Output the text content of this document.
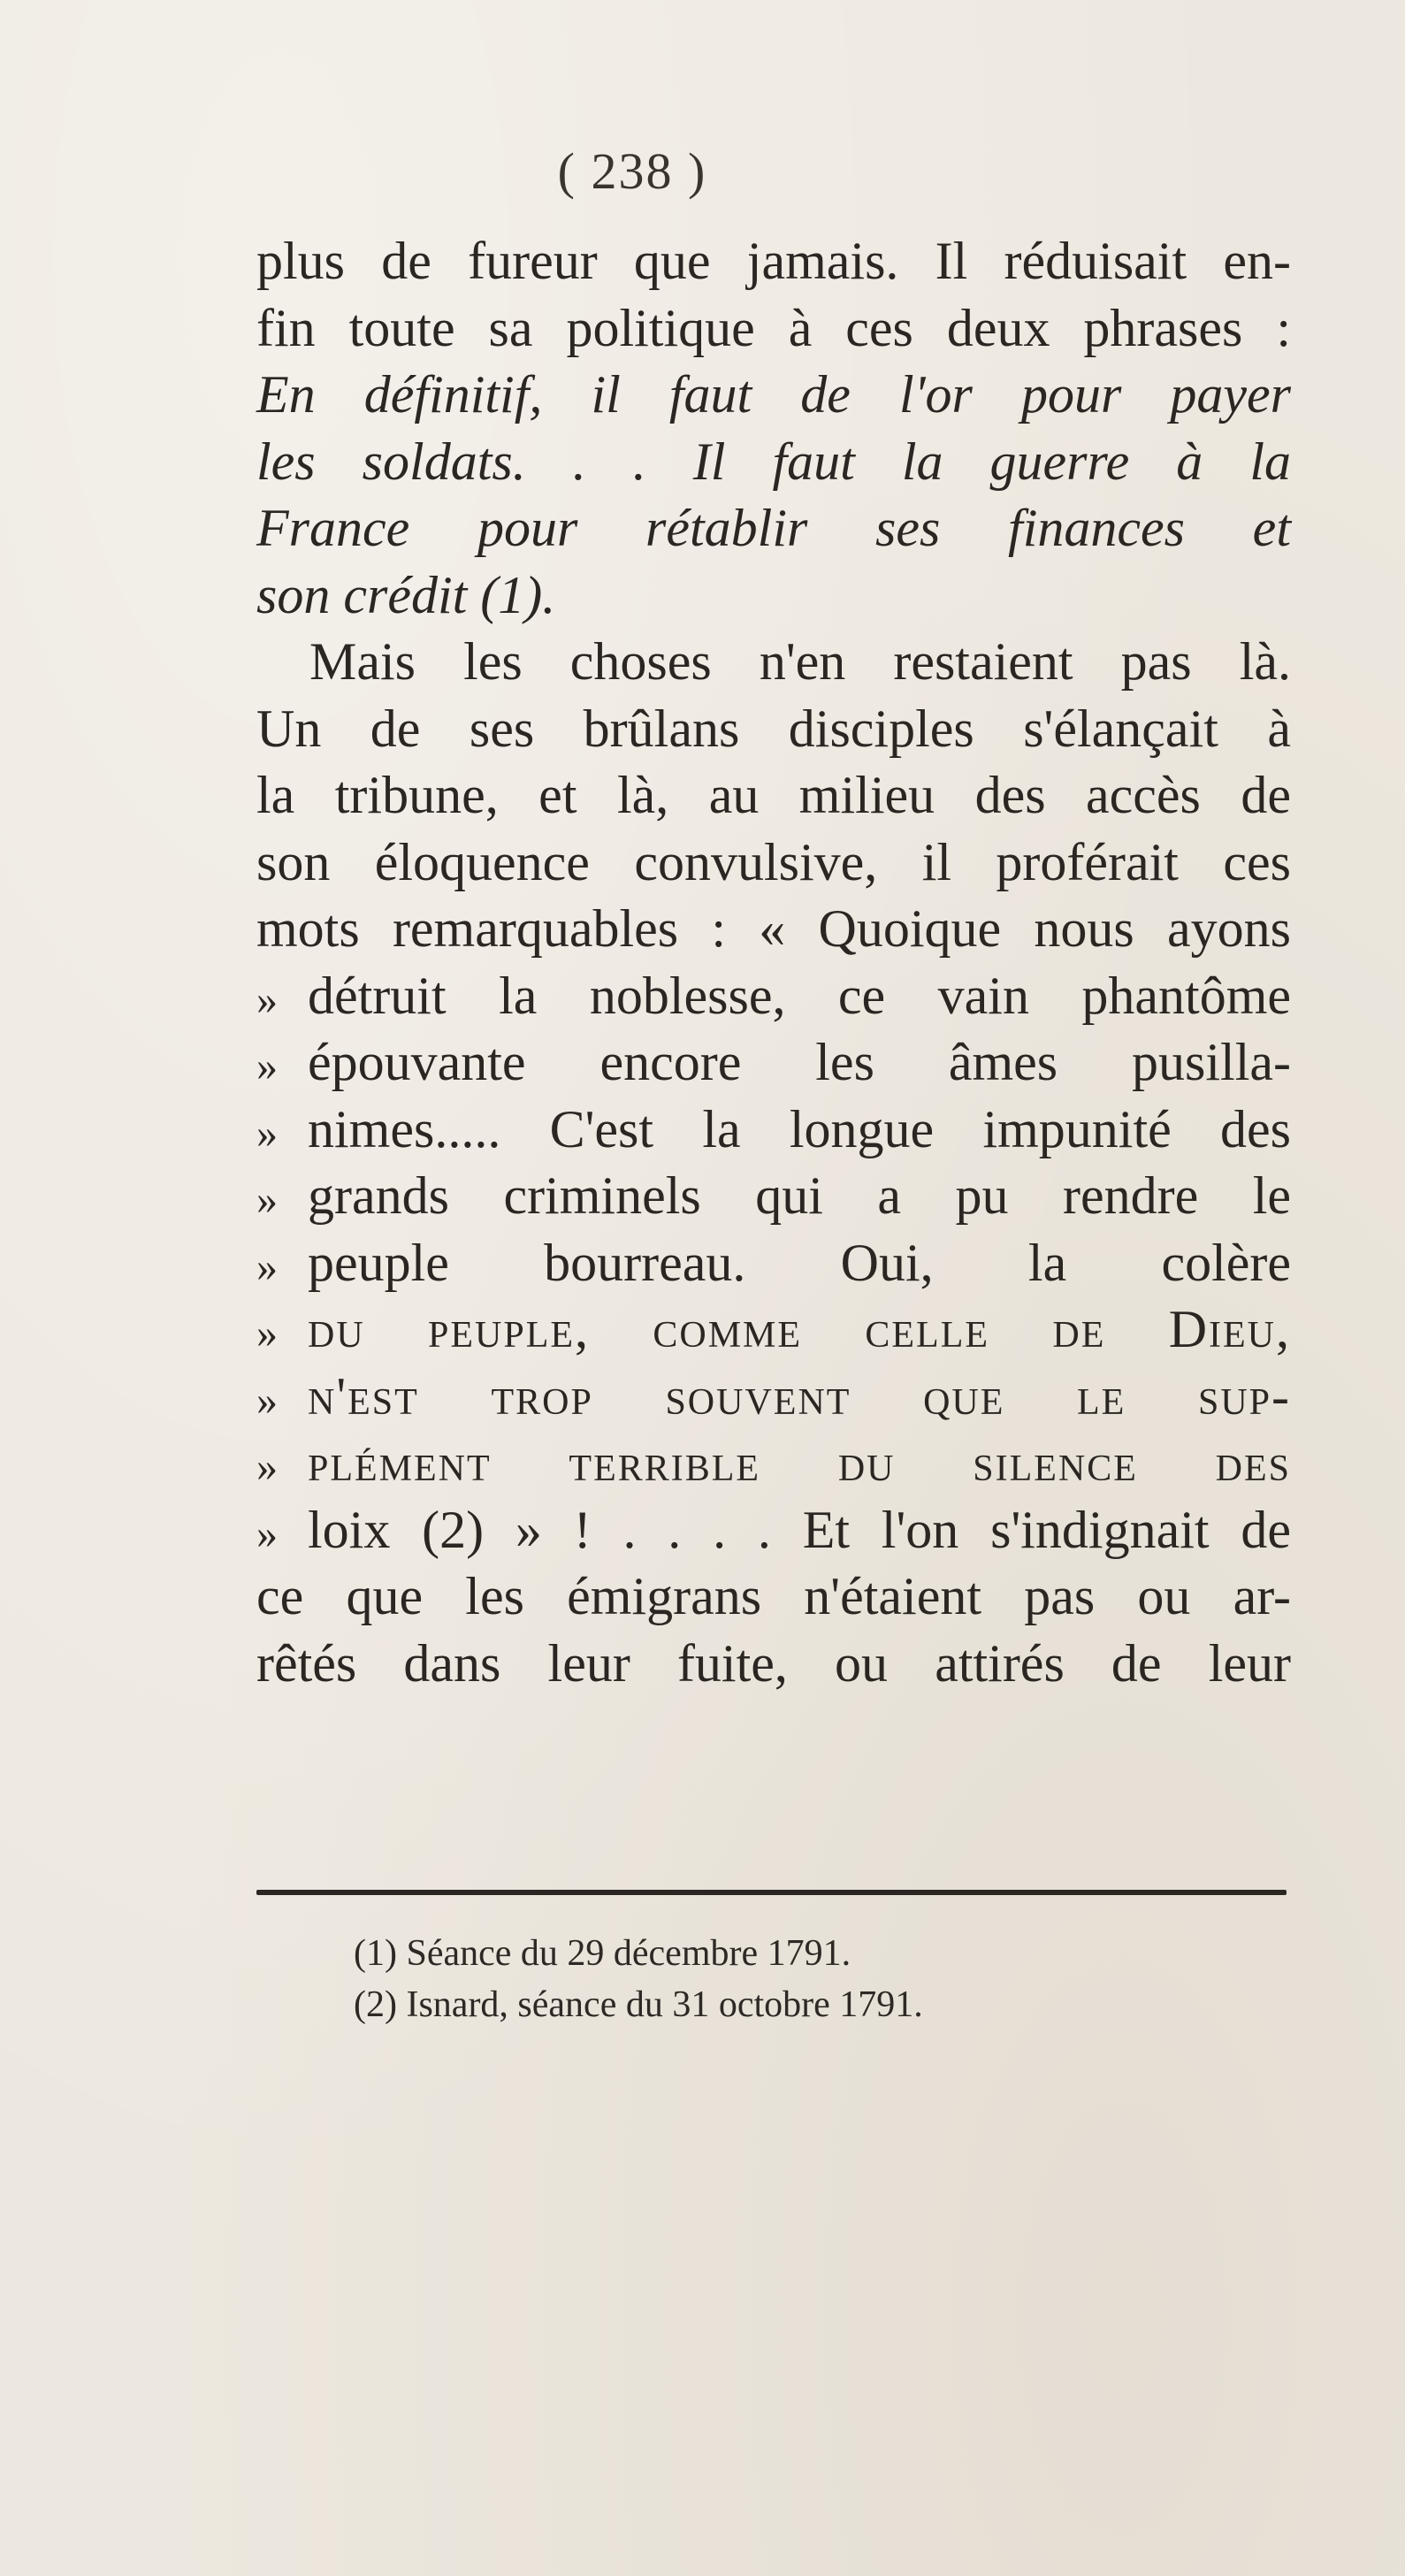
( 238 )
plus de fureur que jamais. Il réduisait en-
fin toute sa politique à ces deux phrases :
En définitif, il faut de l'or pour payer
les soldats. . . Il faut la guerre à la
France pour rétablir ses finances et
son crédit (1).
Mais les choses n'en restaient pas là.
Un de ses brûlans disciples s'élançait à
la tribune, et là, au milieu des accès de
son éloquence convulsive, il proférait ces
mots remarquables : « Quoique nous ayons
» détruit la noblesse, ce vain phantôme
» épouvante encore les âmes pusilla-
» nimes..... C'est la longue impunité des
» grands criminels qui a pu rendre le
» peuple bourreau. Oui, la colère
» du peuple, comme celle de Dieu,
» n'est trop souvent que le sup-
» plément terrible du silence des
» loix (2) » ! . . . . Et l'on s'indignait de
ce que les émigrans n'étaient pas ou ar-
rêtés dans leur fuite, ou attirés de leur
(1) Séance du 29 décembre 1791.
(2) Isnard, séance du 31 octobre 1791.
